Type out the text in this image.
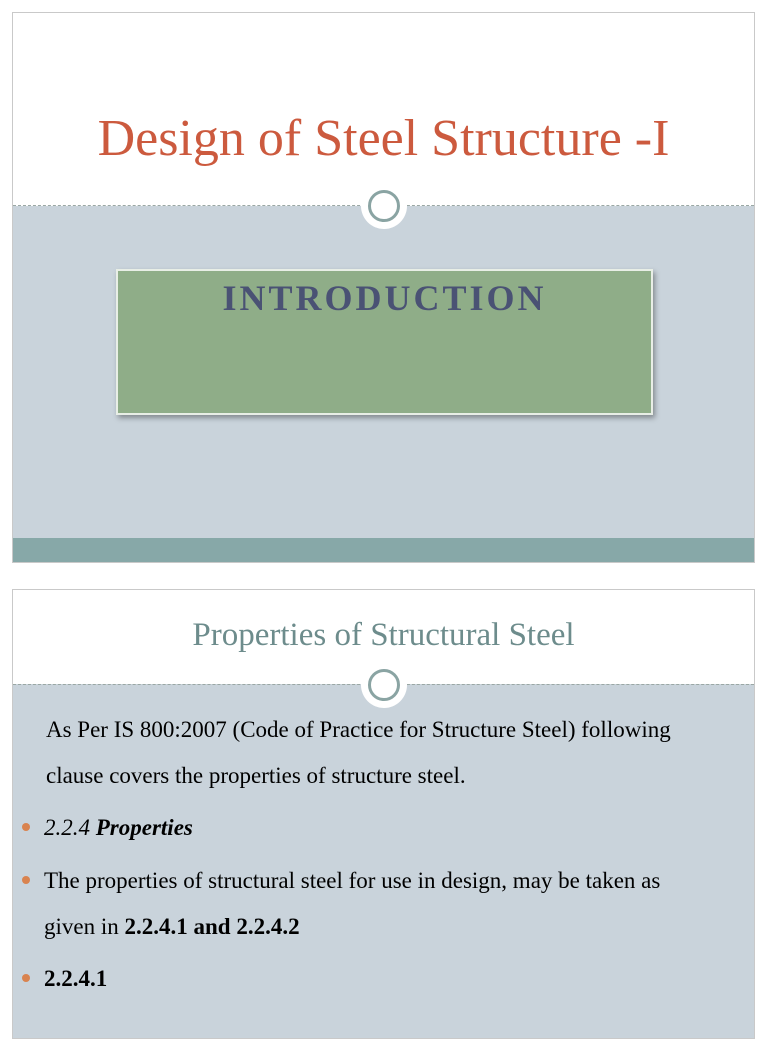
Design of Steel Structure -I
INTRODUCTION
Properties of Structural Steel
As Per IS 800:2007 (Code of Practice for Structure Steel) following
clause covers the properties of structure steel.
2.2.4 Properties
The properties of structural steel for use in design, may be taken as
given in 2.2.4.1 and 2.2.4.2
2.2.4.1
